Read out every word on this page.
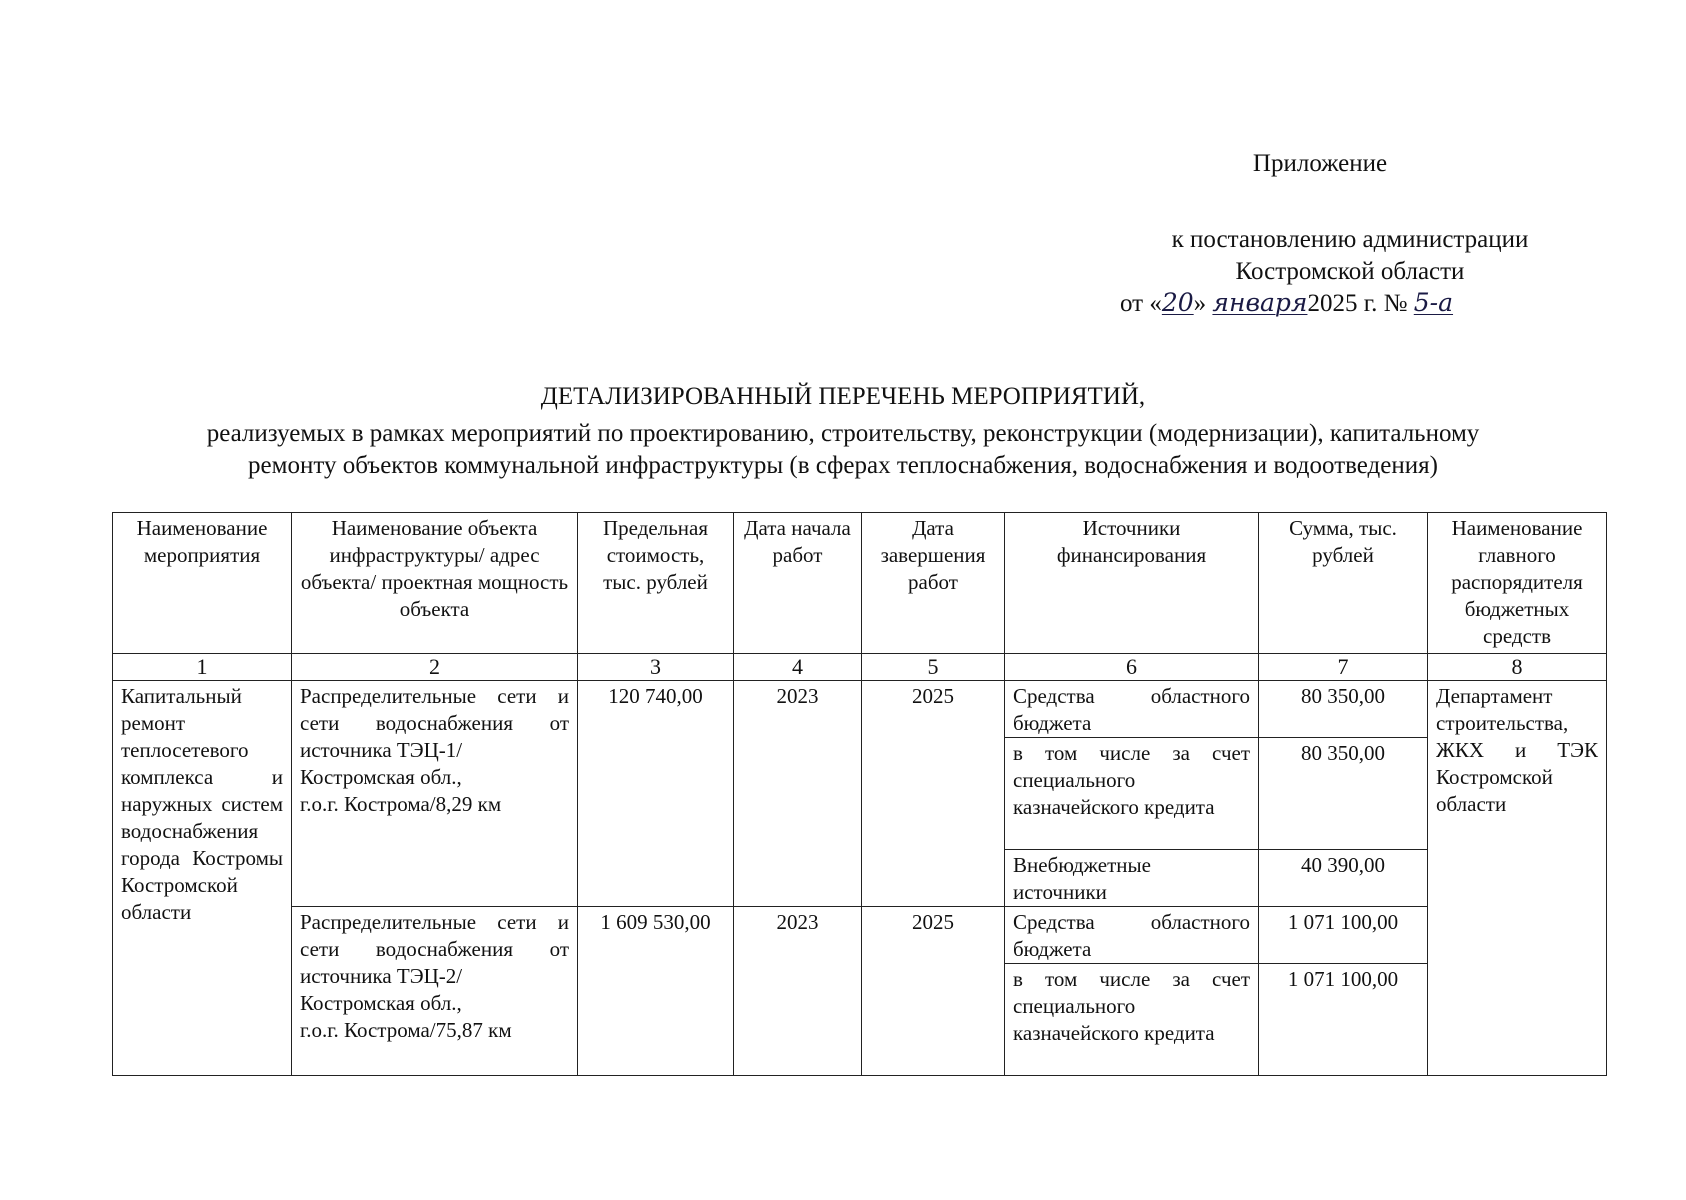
Приложение
к постановлению администрации
Костромской области
от «20» января2025 г. № 5-а
ДЕТАЛИЗИРОВАННЫЙ ПЕРЕЧЕНЬ МЕРОПРИЯТИЙ,
реализуемых в рамках мероприятий по проектированию, строительству, реконструкции (модернизации), капитальному
ремонту объектов коммунальной инфраструктуры (в сферах теплоснабжения, водоснабжения и водоотведения)
Наименование мероприятия	Наименование объекта инфраструктуры/ адрес объекта/ проектная мощность объекта	Предельная стоимость, тыс. рублей	Дата начала работ	Дата завершения работ	Источники финансирования	Сумма, тыс. рублей	Наименование главного распорядителя бюджетных средств
1	2	3	4	5	6	7	8
Капитальный ремонт теплосетевого комплекса и наружных систем водоснабжения города Костромы Костромской области	Распределительные сети и сети водоснабжения от источника ТЭЦ-1/
Костромская обл.,
г.о.г. Кострома/8,29 км	120 740,00	2023	2025	Средства областного бюджета	80 350,00	Департамент строительства, ЖКХ и ТЭК Костромской области
					в том числе за счет специального казначейского кредита	80 350,00	
					Внебюджетные источники	40 390,00	

	Распределительные сети и сети водоснабжения от источника ТЭЦ-2/
Костромская обл.,
г.о.г. Кострома/75,87 км	1 609 530,00	2023	2025	Средства областного бюджета	1 071 100,00	
					в том числе за счет специального казначейского кредита	1 071 100,00	
